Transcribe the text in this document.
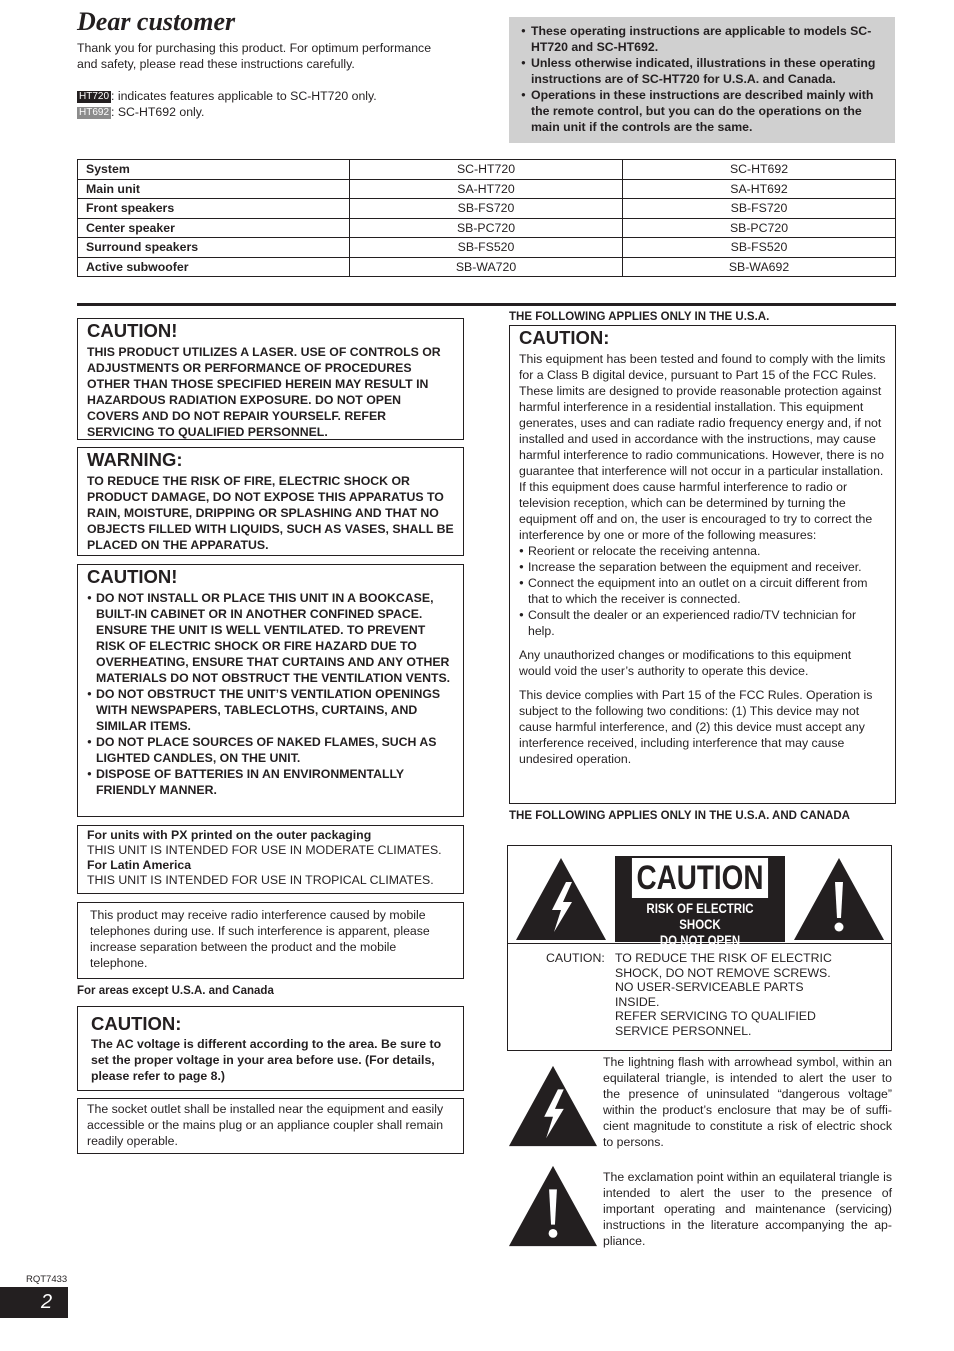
Dear customer
Thank you for purchasing this product. For optimum performance
and safety, please read these instructions carefully.
HT720 : indicates features applicable to SC-HT720 only.
HT692 : SC-HT692 only.
● These operating instructions are applicable to models SC-HT720 and SC-HT692.
● Unless otherwise indicated, illustrations in these operating instructions are of SC-HT720 for U.S.A. and Canada.
● Operations in these instructions are described mainly with the remote control, but you can do the operations on the main unit if the controls are the same.
System	SC-HT720	SC-HT692
Main unit	SA-HT720	SA-HT692
Front speakers	SB-FS720	SB-FS720
Center speaker	SB-PC720	SB-PC720
Surround speakers	SB-FS520	SB-FS520
Active subwoofer	SB-WA720	SB-WA692
CAUTION!
THIS PRODUCT UTILIZES A LASER. USE OF CONTROLS OR ADJUSTMENTS OR PERFORMANCE OF PROCEDURES OTHER THAN THOSE SPECIFIED HEREIN MAY RESULT IN HAZARDOUS RADIATION EXPOSURE. DO NOT OPEN COVERS AND DO NOT REPAIR YOURSELF. REFER SERVICING TO QUALIFIED PERSONNEL.
WARNING:
TO REDUCE THE RISK OF FIRE, ELECTRIC SHOCK OR PRODUCT DAMAGE, DO NOT EXPOSE THIS APPARATUS TO RAIN, MOISTURE, DRIPPING OR SPLASHING AND THAT NO OBJECTS FILLED WITH LIQUIDS, SUCH AS VASES, SHALL BE PLACED ON THE APPARATUS.
CAUTION!
● DO NOT INSTALL OR PLACE THIS UNIT IN A BOOKCASE, BUILT-IN CABINET OR IN ANOTHER CONFINED SPACE. ENSURE THE UNIT IS WELL VENTILATED. TO PREVENT RISK OF ELECTRIC SHOCK OR FIRE HAZARD DUE TO OVERHEATING, ENSURE THAT CURTAINS AND ANY OTHER MATERIALS DO NOT OBSTRUCT THE VENTILATION VENTS.
● DO NOT OBSTRUCT THE UNIT’S VENTILATION OPENINGS WITH NEWSPAPERS, TABLECLOTHS, CURTAINS, AND SIMILAR ITEMS.
● DO NOT PLACE SOURCES OF NAKED FLAMES, SUCH AS LIGHTED CANDLES, ON THE UNIT.
● DISPOSE OF BATTERIES IN AN ENVIRONMENTALLY FRIENDLY MANNER.
For units with PX printed on the outer packaging
THIS UNIT IS INTENDED FOR USE IN MODERATE CLIMATES.
For Latin America
THIS UNIT IS INTENDED FOR USE IN TROPICAL CLIMATES.
This product may receive radio interference caused by mobile telephones during use. If such interference is apparent, please increase separation between the product and the mobile telephone.
For areas except U.S.A. and Canada
CAUTION:
The AC voltage is different according to the area. Be sure to set the proper voltage in your area before use. (For details, please refer to page 8.)
The socket outlet shall be installed near the equipment and easily accessible or the mains plug or an appliance coupler shall remain readily operable.
THE FOLLOWING APPLIES ONLY IN THE U.S.A.
CAUTION:

This equipment has been tested and found to comply with the limits for a Class B digital device, pursuant to Part 15 of the FCC Rules.

These limits are designed to provide reasonable protection against harmful interference in a residential installation. This equipment generates, uses and can radiate radio frequency energy and, if not installed and used in accordance with the instructions, may cause harmful interference to radio communications. However, there is no guarantee that interference will not occur in a particular installation. If this equipment does cause harmful interference to radio or television reception, which can be determined by turning the equipment off and on, the user is encouraged to try to correct the interference by one or more of the following measures:

● Reorient or relocate the receiving antenna.
● Increase the separation between the equipment and receiver.
● Connect the equipment into an outlet on a circuit different from that to which the receiver is connected.
● Consult the dealer or an experienced radio/TV technician for help.

Any unauthorized changes or modifications to this equipment would void the user’s authority to operate this device.

This device complies with Part 15 of the FCC Rules. Operation is subject to the following two conditions: (1) This device may not cause harmful interference, and (2) this device must accept any interference received, including interference that may cause undesired operation.

THE FOLLOWING APPLIES ONLY IN THE U.S.A. AND CANADA
CAUTION
RISK OF ELECTRIC SHOCK
DO NOT OPEN
CAUTION: TO REDUCE THE RISK OF ELECTRIC
SHOCK, DO NOT REMOVE SCREWS.
NO USER-SERVICEABLE PARTS
INSIDE.
REFER SERVICING TO QUALIFIED
SERVICE PERSONNEL.
The lightning flash with arrowhead symbol, within an equilateral triangle, is intended to alert the user to the presence of uninsulated “dangerous voltage” within the product’s enclosure that may be of suffi-cient magnitude to constitute a risk of electric shock to persons.
The exclamation point within an equilateral triangle is intended to alert the user to the presence of important operating and maintenance (servicing) instructions in the literature accompanying the ap-pliance.
RQT7433
2
